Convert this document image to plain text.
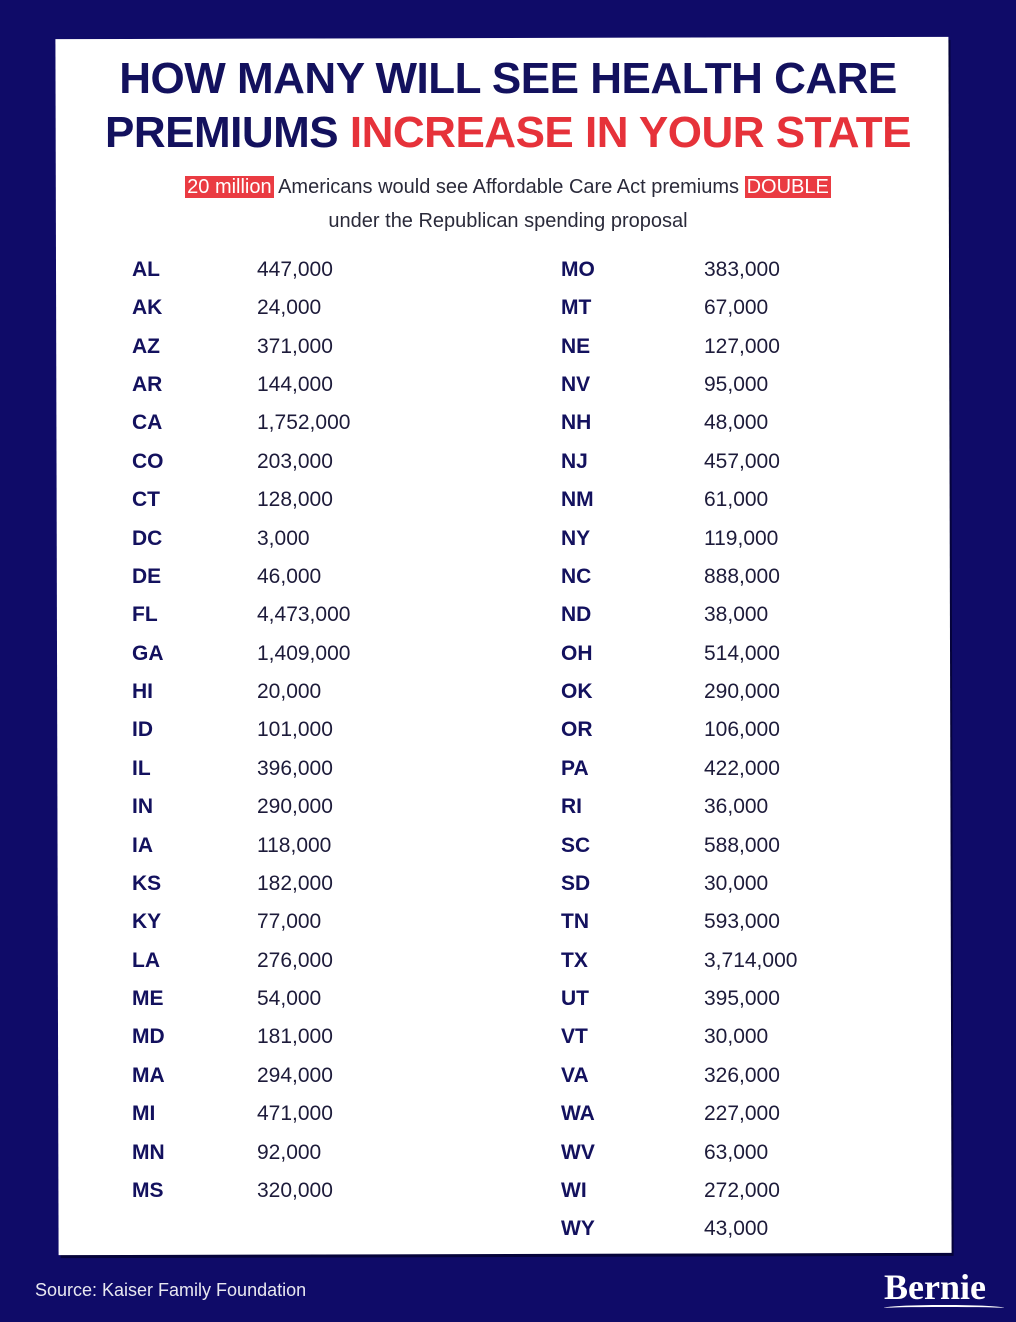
HOW MANY WILL SEE HEALTH CARE
PREMIUMS INCREASE IN YOUR STATE
20 million Americans would see Affordable Care Act premiums DOUBLE
under the Republican spending proposal
AL	447,000
AK	24,000
AZ	371,000
AR	144,000
CA	1,752,000
CO	203,000
CT	128,000
DC	3,000
DE	46,000
FL	4,473,000
GA	1,409,000
HI	20,000
ID	101,000
IL	396,000
IN	290,000
IA	118,000
KS	182,000
KY	77,000
LA	276,000
ME	54,000
MD	181,000
MA	294,000
MI	471,000
MN	92,000
MS	320,000
MO	383,000
MT	67,000
NE	127,000
NV	95,000
NH	48,000
NJ	457,000
NM	61,000
NY	119,000
NC	888,000
ND	38,000
OH	514,000
OK	290,000
OR	106,000
PA	422,000
RI	36,000
SC	588,000
SD	30,000
TN	593,000
TX	3,714,000
UT	395,000
VT	30,000
VA	326,000
WA	227,000
WV	63,000
WI	272,000
WY	43,000
Source: Kaiser Family Foundation	Bernie
